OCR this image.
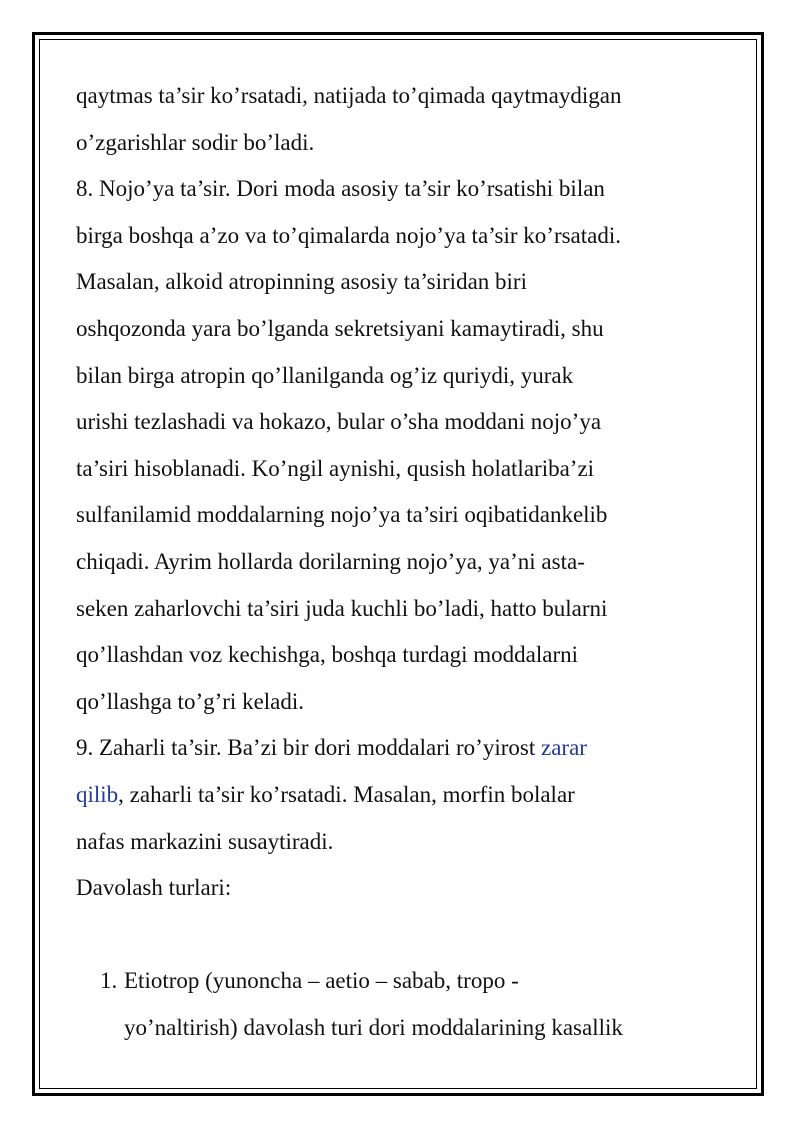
qaytmas ta’sir ko’rsatadi, natijada to’qimada qaytmaydigan
o’zgarishlar sodir bo’ladi.
8. Nojo’ya ta’sir. Dori moda asosiy ta’sir ko’rsatishi bilan
birga boshqa a’zo va to’qimalarda nojo’ya ta’sir ko’rsatadi.
Masalan, alkoid atropinning asosiy ta’siridan biri
oshqozonda yara bo’lganda sekretsiyani kamaytiradi, shu
bilan birga atropin qo’llanilganda og’iz quriydi, yurak
urishi tezlashadi va hokazo, bular o’sha moddani nojo’ya
ta’siri hisoblanadi. Ko’ngil aynishi, qusish holatlariba’zi
sulfanilamid moddalarning nojo’ya ta’siri oqibatidankelib
chiqadi. Ayrim hollarda dorilarning nojo’ya, ya’ni asta-
seken zaharlovchi ta’siri juda kuchli bo’ladi, hatto bularni
qo’llashdan voz kechishga, boshqa turdagi moddalarni
qo’llashga to’g’ri keladi.
9. Zaharli ta’sir. Ba’zi bir dori moddalari ro’yirost zarar
qilib, zaharli ta’sir ko’rsatadi. Masalan, morfin bolalar
nafas markazini susaytiradi.
Davolash turlari:
1. Etiotrop (yunoncha – aetio – sabab, tropo -
yo’naltirish) davolash turi dori moddalarining kasallik
